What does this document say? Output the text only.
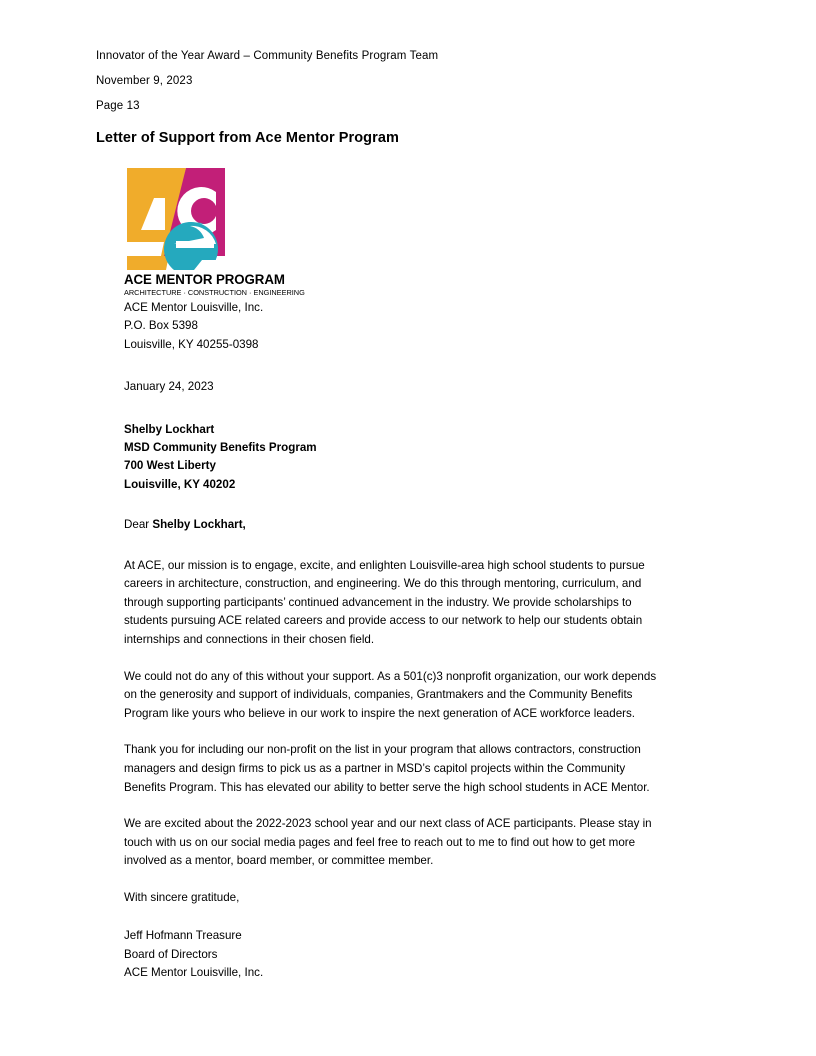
Innovator of the Year Award – Community Benefits Program Team
November 9, 2023
Page 13
Letter of Support from Ace Mentor Program
ACE MENTOR PROGRAM
ARCHITECTURE · CONSTRUCTION · ENGINEERING
ACE Mentor Louisville, Inc.
P.O. Box 5398
Louisville, KY 40255-0398
January 24, 2023
Shelby Lockhart
MSD Community Benefits Program
700 West Liberty
Louisville, KY 40202
Dear Shelby Lockhart,

At ACE, our mission is to engage, excite, and enlighten Louisville-area high school students to pursue careers in architecture, construction, and engineering. We do this through mentoring, curriculum, and through supporting participants’ continued advancement in the industry. We provide scholarships to students pursuing ACE related careers and provide access to our network to help our students obtain internships and connections in their chosen field.

We could not do any of this without your support. As a 501(c)3 nonprofit organization, our work depends on the generosity and support of individuals, companies, Grantmakers and the Community Benefits Program like yours who believe in our work to inspire the next generation of ACE workforce leaders.

Thank you for including our non-profit on the list in your program that allows contractors, construction managers and design firms to pick us as a partner in MSD’s capitol projects within the Community Benefits Program. This has elevated our ability to better serve the high school students in ACE Mentor.

We are excited about the 2022-2023 school year and our next class of ACE participants. Please stay in touch with us on our social media pages and feel free to reach out to me to find out how to get more involved as a mentor, board member, or committee member.

With sincere gratitude,
Jeff Hofmann Treasure
Board of Directors
ACE Mentor Louisville, Inc.
